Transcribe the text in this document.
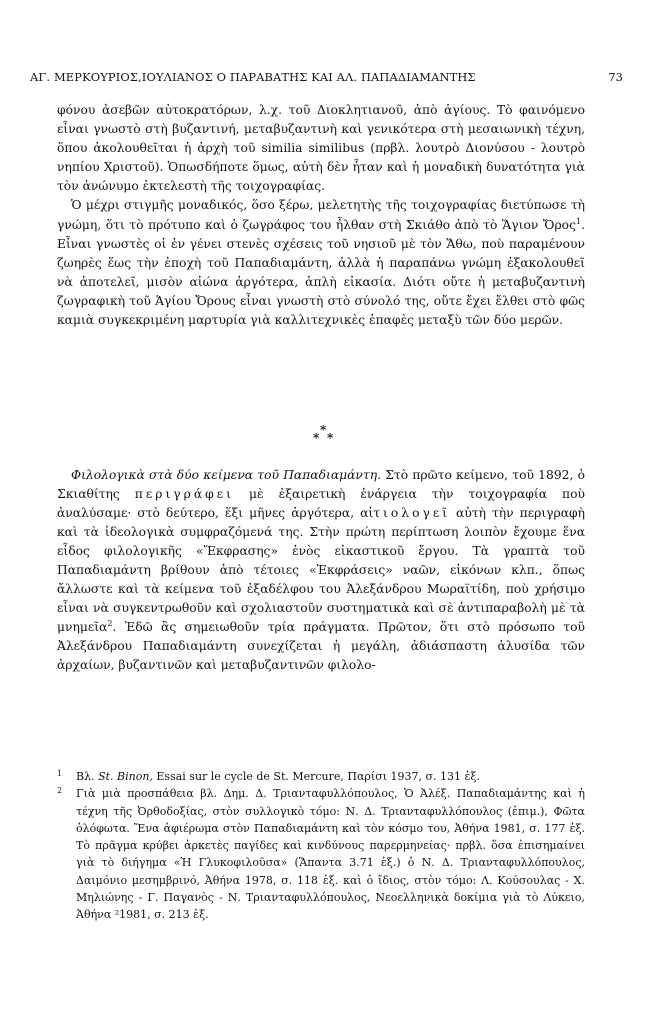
ΑΓ. ΜΕΡΚΟΥΡΙΟΣ,ΙΟΥΛΙΑΝΟΣ Ο ΠΑΡΑΒΑΤΗΣ ΚΑΙ ΑΛ. ΠΑΠΑΔΙΑΜΑΝΤΗΣ	73

φόνου ἀσεβῶν αὐτοκρατόρων, λ.χ. τοῦ Διοκλητιανοῦ, ἀπὸ ἁγίους. Τὸ φαινόμενο εἶναι γνωστὸ στὴ βυζαντινή, μεταβυζαντινὴ καὶ γενικότερα στὴ μεσαιωνικὴ τέχνη, ὅπου ἀκολουθεῖται ἡ ἀρχὴ τοῦ similia similibus (πρβλ. λουτρὸ Διονύσου - λουτρὸ νηπίου Χριστοῦ). Ὁπωσδήποτε ὅμως, αὐτὴ δὲν ἦταν καὶ ἡ μοναδικὴ δυνατότητα γιὰ τὸν ἀνώνυμο ἐκτελεστὴ τῆς τοιχογραφίας.

Ὁ μέχρι στιγμῆς μοναδικός, ὅσο ξέρω, μελετητὴς τῆς τοιχογραφίας διετύπωσε τὴ γνώμη, ὅτι τὸ πρότυπο καὶ ὁ ζωγράφος του ἦλθαν στὴ Σκιάθο ἀπὸ τὸ Ἅγιον Ὄρος$^1$. Εἶναι γνωστὲς οἱ ἐν γένει στενὲς σχέσεις τοῦ νησιοῦ μὲ τὸν Ἄθω, ποὺ παραμένουν ζωηρὲς ἕως τὴν ἐποχὴ τοῦ Παπαδιαμάντη, ἀλλὰ ἡ παραπάνω γνώμη ἐξακολουθεῖ νὰ ἀποτελεῖ, μισὸν αἰώνα ἀργότερα, ἁπλὴ εἰκασία. Διότι οὔτε ἡ μεταβυζαντινὴ ζωγραφικὴ τοῦ Ἁγίου Ὄρους εἶναι γνωστὴ στὸ σύνολό της, οὔτε ἔχει ἔλθει στὸ φῶς καμιὰ συγκεκριμένη μαρτυρία γιὰ καλλιτεχνικὲς ἐπαφὲς μεταξὺ τῶν δύο μερῶν.

*
* *

Φιλολογικὰ στὰ δύο κείμενα τοῦ Παπαδιαμάντη. Στὸ πρῶτο κείμενο, τοῦ 1892, ὁ Σκιαθίτης περιγράφει μὲ ἐξαιρετικὴ ἐνάργεια τὴν τοιχογραφία ποὺ ἀναλύσαμε· στὸ δεύτερο, ἕξι μῆνες ἀργότερα, αἰτιολογεῖ αὐτὴ τὴν περιγραφὴ καὶ τὰ ἰδεολογικὰ συμφραζόμενά της. Στὴν πρώτη περίπτωση λοιπὸν ἔχουμε ἕνα εἶδος φιλολογικῆς «Ἔκφρασης» ἑνὸς εἰκαστικοῦ ἔργου. Τὰ γραπτὰ τοῦ Παπαδιαμάντη βρίθουν ἀπὸ τέτοιες «Ἐκφράσεις» ναῶν, εἰκόνων κλπ., ὅπως ἄλλωστε καὶ τὰ κείμενα τοῦ ἐξαδέλφου του Ἀλεξάνδρου Μωραϊτίδη, ποὺ χρήσιμο εἶναι νὰ συγκεντρωθοῦν καὶ σχολιαστοῦν συστηματικὰ καὶ σὲ ἀντιπαραβολὴ μὲ τὰ μνημεῖα$^2$. Ἐδῶ ἂς σημειωθοῦν τρία πράγματα. Πρῶτον, ὅτι στὸ πρόσωπο τοῦ Ἀλεξάνδρου Παπαδιαμάντη συνεχίζεται ἡ μεγάλη, ἀδιάσπαστη ἁλυσίδα τῶν ἀρχαίων, βυζαντινῶν καὶ μεταβυζαντινῶν φιλολο-

1 Βλ. St. Binon, Essai sur le cycle de St. Mercure, Παρίσι 1937, σ. 131 ἑξ.

2 Γιὰ μιὰ προσπάθεια βλ. Δημ. Δ. Τριανταφυλλόπουλος, Ὁ Ἀλέξ. Παπαδιαμάντης καὶ ἡ τέχνη τῆς Ὀρθοδοξίας, στὸν συλλογικὸ τόμο: Ν. Δ. Τριανταφυλλόπουλος (ἐπιμ.), Φῶτα ὁλόφωτα. Ἕνα ἀφιέρωμα στὸν Παπαδιαμάντη καὶ τὸν κόσμο του, Ἀθήνα 1981, σ. 177 ἑξ. Τὸ πρᾶγμα κρύβει ἀρκετὲς παγίδες καὶ κινδύνους παρερμηνείας· πρβλ. ὅσα ἐπισημαίνει γιὰ τὸ διήγημα «Ἡ Γλυκοφιλοῦσα» (Ἅπαντα 3.71 ἑξ.) ὁ Ν. Δ. Τριανταφυλλόπουλος, Δαιμόνιο μεσημβρινό, Ἀθήνα 1978, σ. 118 ἑξ. καὶ ὁ ἴδιος, στὸν τόμο: Λ. Κούσουλας - Χ. Μηλιώνης - Γ. Παγανὸς - Ν. Τριανταφυλλόπουλος, Νεοελληνικὰ δοκίμια γιὰ τὸ Λύκειο, Ἀθήνα ²1981, σ. 213 ἑξ.
